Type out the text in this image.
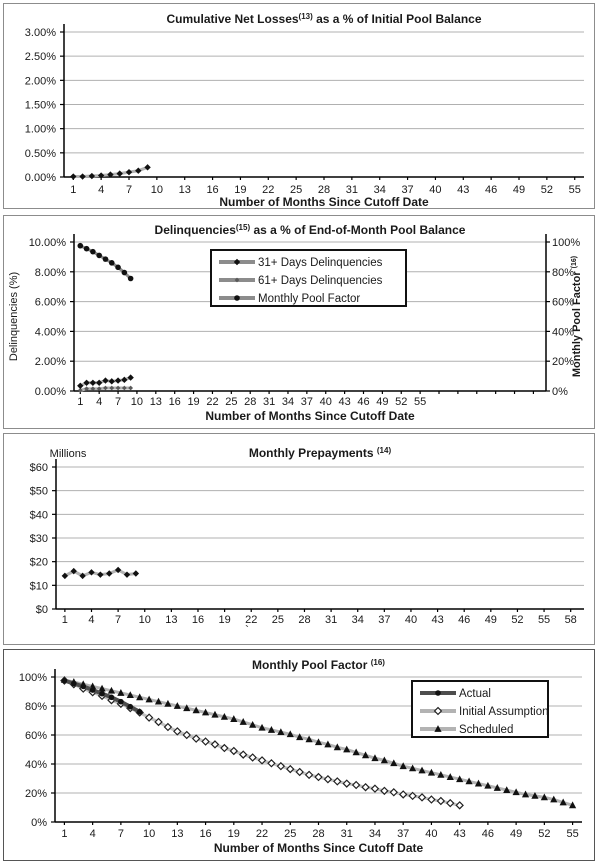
0.00%
0.50%
1.00%
1.50%
2.00%
2.50%
3.00%
1 4 7 10 13 16 19 22 25 28 31 34 37 40 43 46 49 52 55
Cumulative Net Losses$^{(13)}$ as a % of Initial Pool Balance
Number of Months Since Cutoff Date
0.00%
2.00%
4.00%
6.00%
8.00%
10.00%
1 4 7 10 13 16 19 22 25 28 31 34 37 40 43 46 49 52 55
0%
20%
40%
60%
80%
100%
Delinquencies$^{(15)}$ as a % of End-of-Month Pool Balance
Number of Months Since Cutoff Date
Delinquencies (%)	Monthly Pool Factor $^{(16)}$
31+ Days Delinquencies
61+ Days Delinquencies
Monthly Pool Factor
$0
$10
$20
$30
$40
$50
$60
1 4 7 10 13 16 19 22 25 28 31 34 37 40 43 46 49 52 55 58
Monthly Prepayments $^{(14)}$
Millions
`
0%
20%
40%
60%
80%
100%
1 4 7 10 13 16 19 22 25 28 31 34 37 40 43 46 49 52 55
Monthly Pool Factor $^{(16)}$
Number of Months Since Cutoff Date
Actual
Initial Assumption
Scheduled
